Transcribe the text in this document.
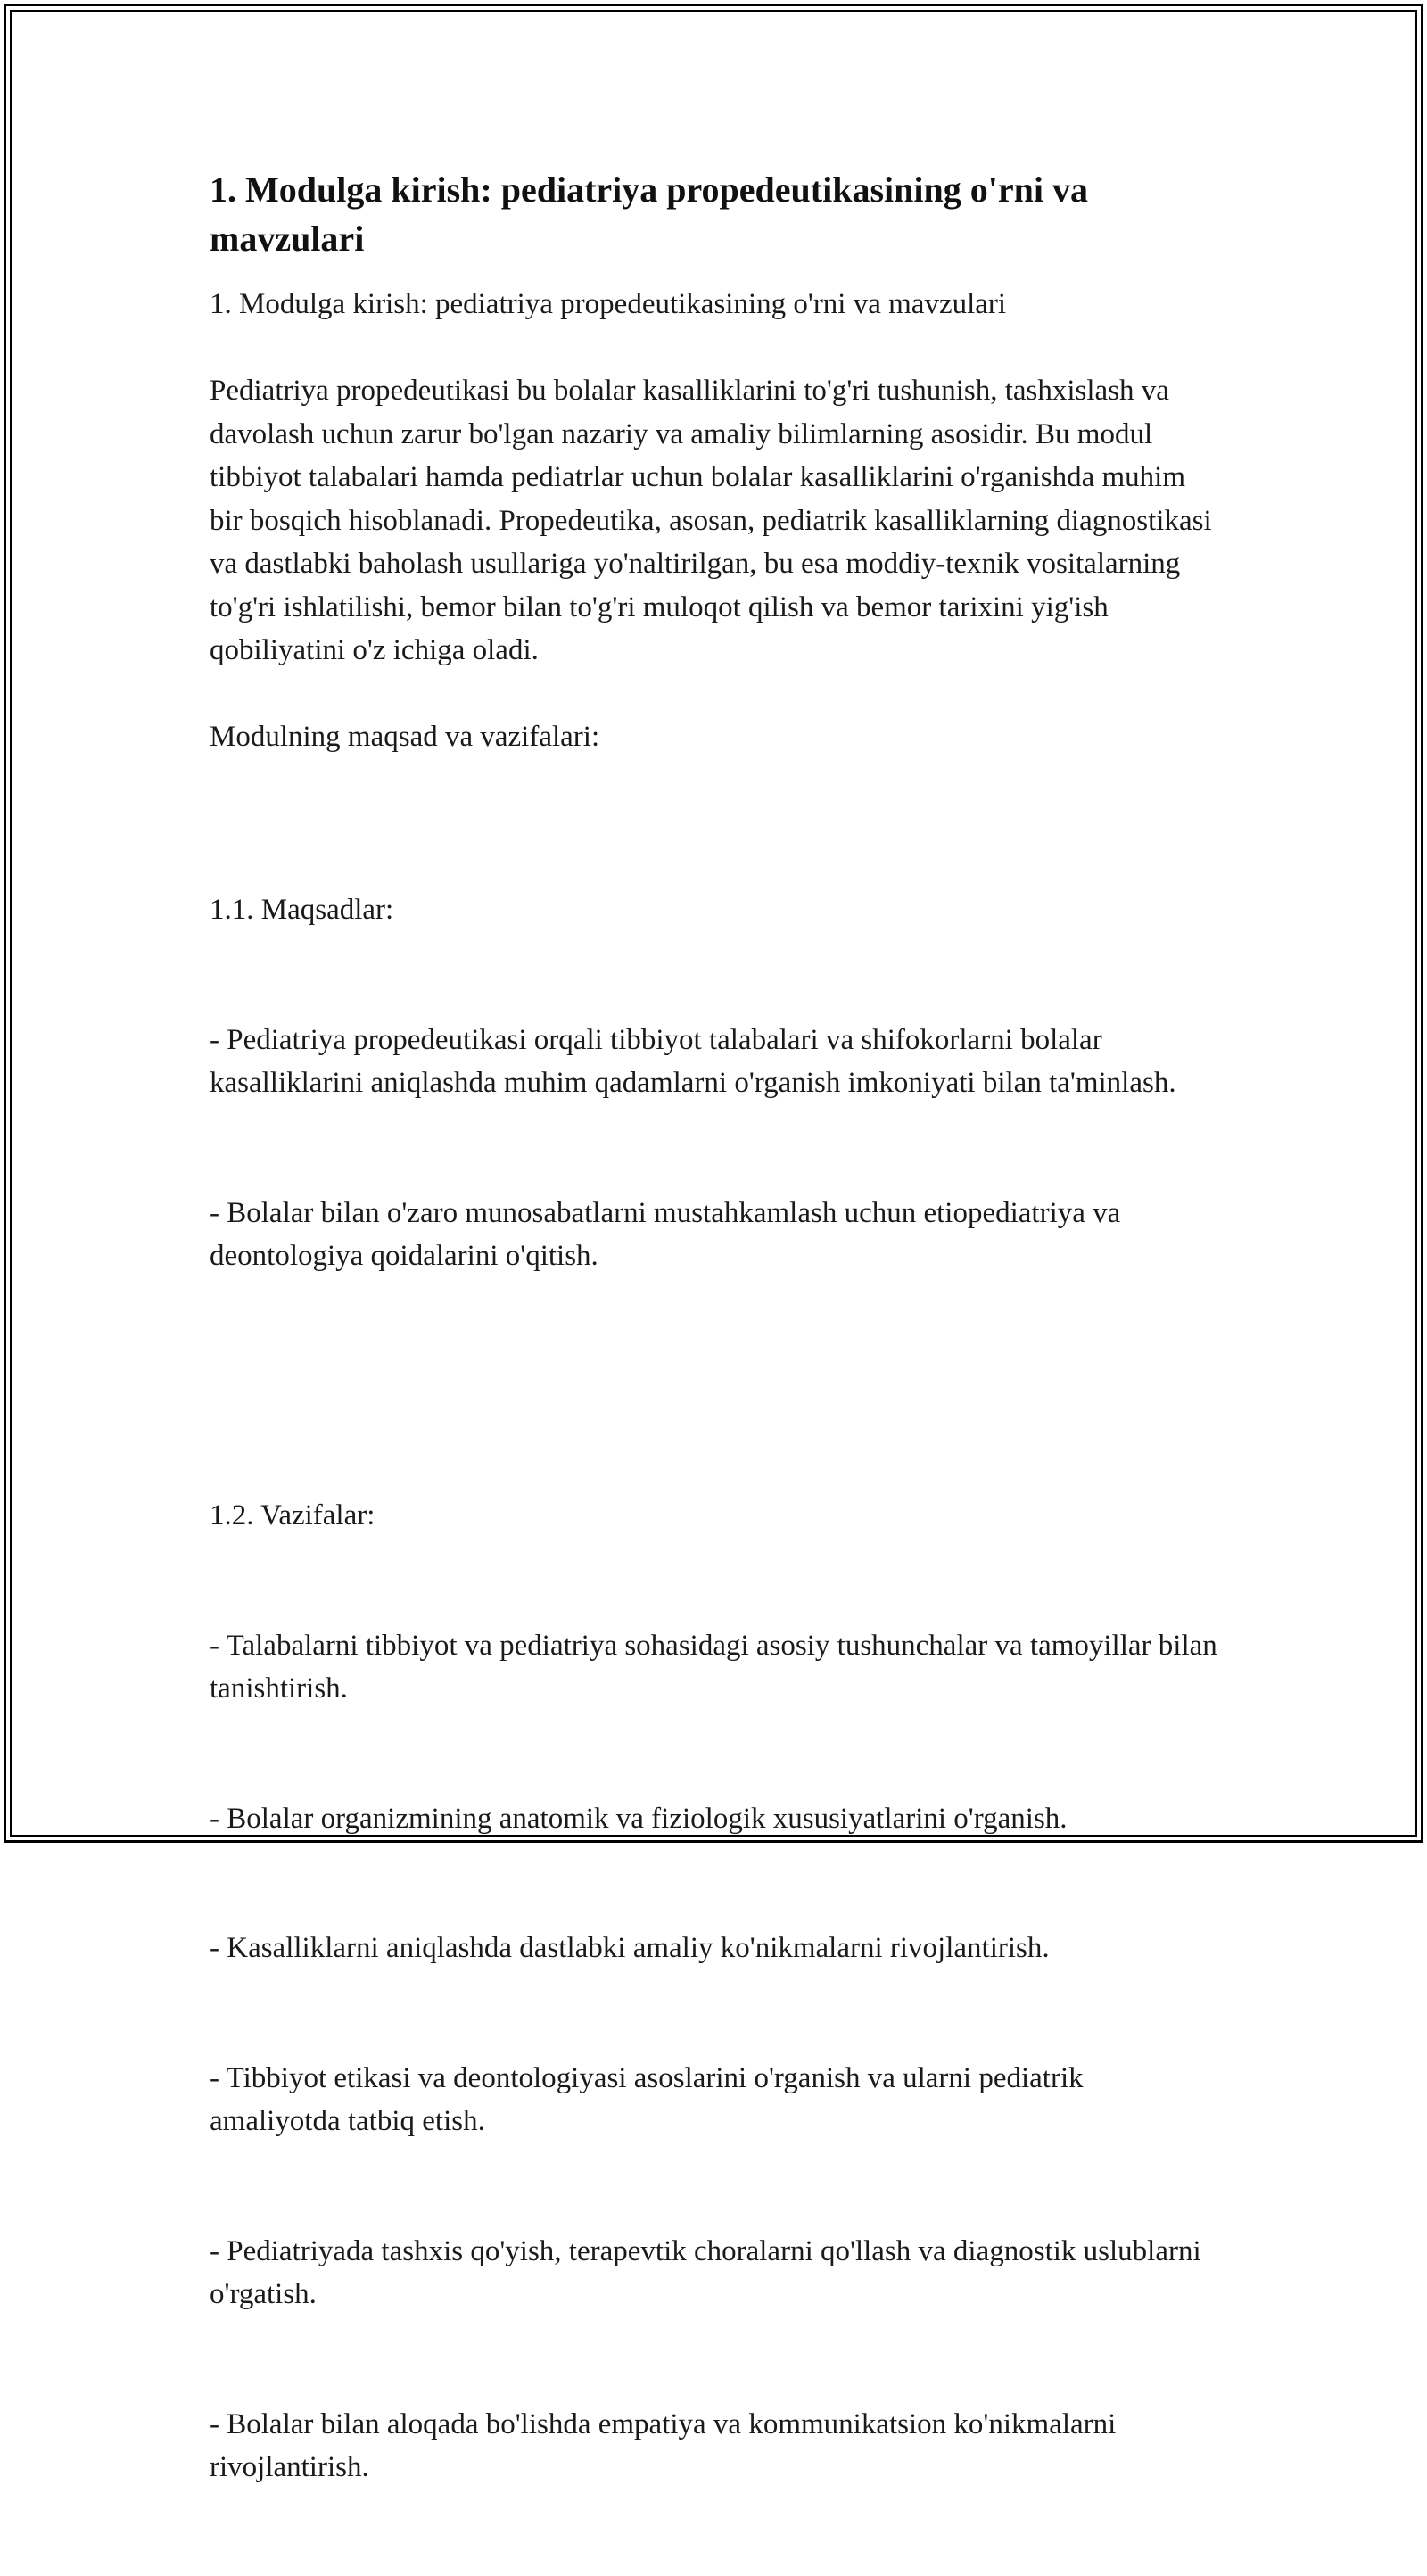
1. Modulga kirish: pediatriya propedeutikasining o'rni va mavzulari
1. Modulga kirish: pediatriya propedeutikasining o'rni va mavzulari
Pediatriya propedeutikasi bu bolalar kasalliklarini to'g'ri tushunish, tashxislash va davolash uchun zarur bo'lgan nazariy va amaliy bilimlarning asosidir. Bu modul tibbiyot talabalari hamda pediatrlar uchun bolalar kasalliklarini o'rganishda muhim bir bosqich hisoblanadi. Propedeutika, asosan, pediatrik kasalliklarning diagnostikasi va dastlabki baholash usullariga yo'naltirilgan, bu esa moddiy-texnik vositalarning to'g'ri ishlatilishi, bemor bilan to'g'ri muloqot qilish va bemor tarixini yig'ish qobiliyatini o'z ichiga oladi.
Modulning maqsad va vazifalari:

1.1. Maqsadlar:

- Pediatriya propedeutikasi orqali tibbiyot talabalari va shifokorlarni bolalar kasalliklarini aniqlashda muhim qadamlarni o'rganish imkoniyati bilan ta'minlash.

- Bolalar bilan o'zaro munosabatlarni mustahkamlash uchun etiopediatriya va deontologiya qoidalarini o'qitish.

1.2. Vazifalar:

- Talabalarni tibbiyot va pediatriya sohasidagi asosiy tushunchalar va tamoyillar bilan tanishtirish.

- Bolalar organizmining anatomik va fiziologik xususiyatlarini o'rganish.

- Kasalliklarni aniqlashda dastlabki amaliy ko'nikmalarni rivojlantirish.

- Tibbiyot etikasi va deontologiyasi asoslarini o'rganish va ularni pediatrik amaliyotda tatbiq etish.

- Pediatriyada tashxis qo'yish, terapevtik choralarni qo'llash va diagnostik uslublarni o'rgatish.

- Bolalar bilan aloqada bo'lishda empatiya va kommunikatsion ko'nikmalarni rivojlantirish.
